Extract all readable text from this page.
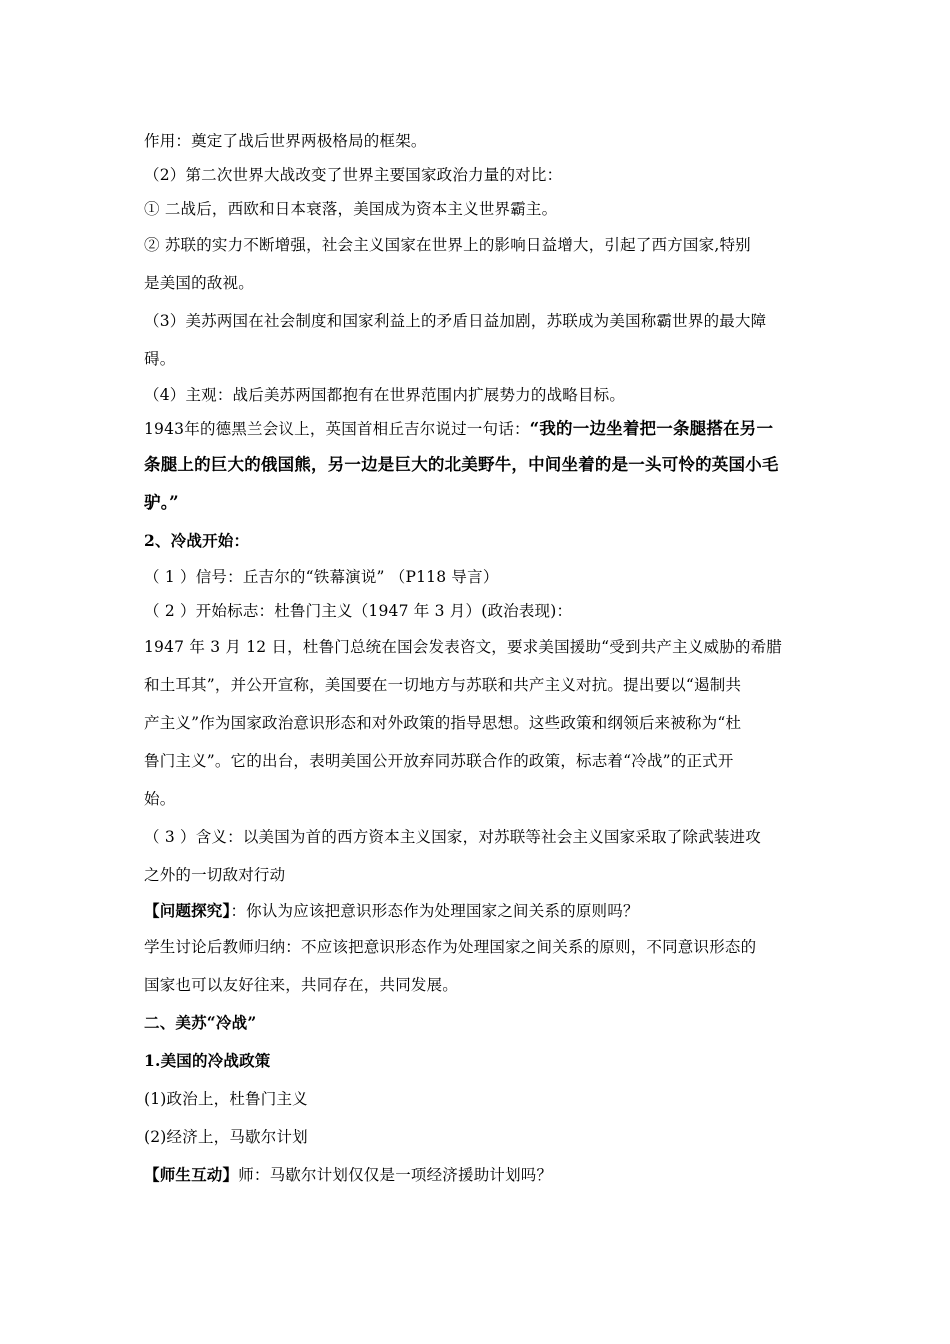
作用：奠定了战后世界两极格局的框架。
（2）第二次世界大战改变了世界主要国家政治力量的对比：
① 二战后，西欧和日本衰落，美国成为资本主义世界霸主。
② 苏联的实力不断增强，社会主义国家在世界上的影响日益增大，引起了西方国家,特别
是美国的敌视。
（3）美苏两国在社会制度和国家利益上的矛盾日益加剧，苏联成为美国称霸世界的最大障
碍。
（4）主观：战后美苏两国都抱有在世界范围内扩展势力的战略目标。
1943年的德黑兰会议上，英国首相丘吉尔说过一句话：“我的一边坐着把一条腿搭在另一
条腿上的巨大的俄国熊，另一边是巨大的北美野牛，中间坐着的是一头可怜的英国小毛
驴。”
2、冷战开始：
（ 1 ）信号：丘吉尔的“铁幕演说” （P118 导言）
（ 2 ）开始标志：杜鲁门主义（1947 年 3 月）(政治表现)：
1947 年 3 月 12 日，杜鲁门总统在国会发表咨文，要求美国援助“受到共产主义威胁的希腊
和土耳其”，并公开宣称，美国要在一切地方与苏联和共产主义对抗。提出要以“遏制共
产主义”作为国家政治意识形态和对外政策的指导思想。这些政策和纲领后来被称为“杜
鲁门主义”。它的出台，表明美国公开放弃同苏联合作的政策，标志着“冷战”的正式开
始。
（ 3 ）含义：以美国为首的西方资本主义国家，对苏联等社会主义国家采取了除武装进攻
之外的一切敌对行动
【问题探究】：你认为应该把意识形态作为处理国家之间关系的原则吗？
学生讨论后教师归纳：不应该把意识形态作为处理国家之间关系的原则，不同意识形态的
国家也可以友好往来，共同存在，共同发展。
二、美苏“冷战”
1.美国的冷战政策
(1)政治上，杜鲁门主义
(2)经济上，马歇尔计划
【师生互动】师：马歇尔计划仅仅是一项经济援助计划吗？
